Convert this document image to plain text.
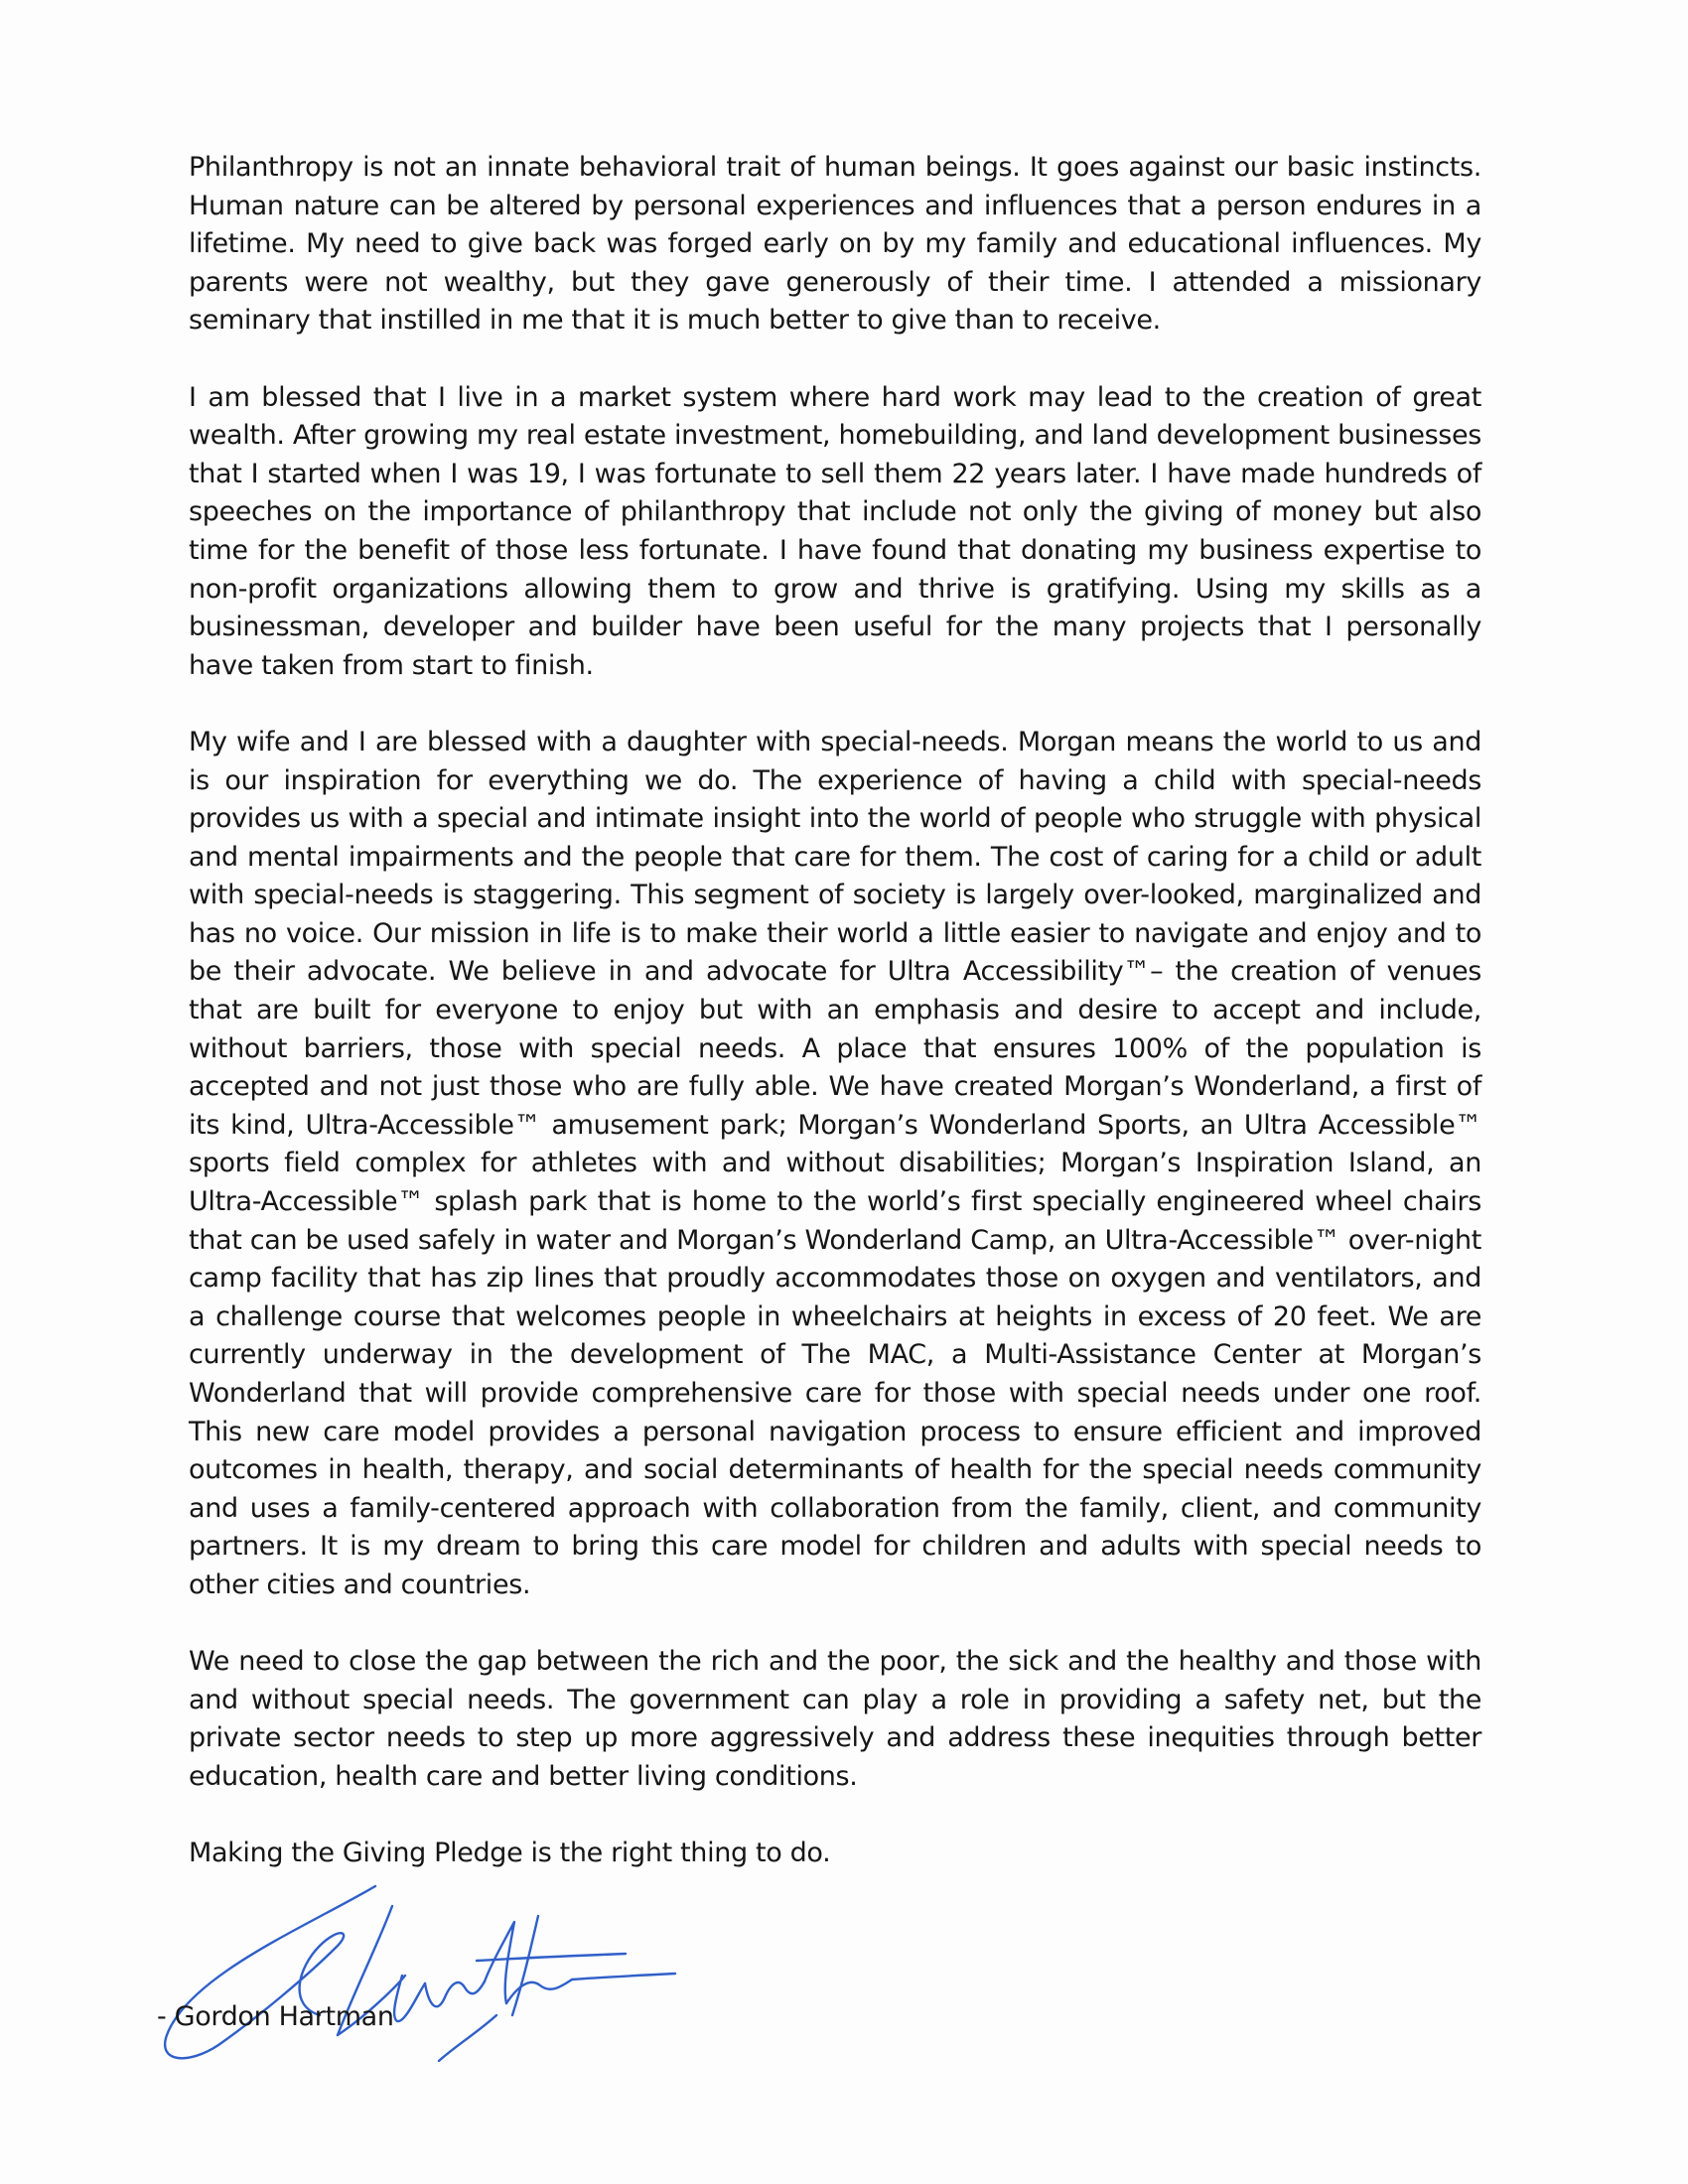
Philanthropy is not an innate behavioral trait of human beings. It goes against our basic instincts. Human nature can be altered by personal experiences and influences that a person endures in a lifetime. My need to give back was forged early on by my family and educational influences. My parents were not wealthy, but they gave generously of their time. I attended a missionary seminary that instilled in me that it is much better to give than to receive.

I am blessed that I live in a market system where hard work may lead to the creation of great wealth. After growing my real estate investment, homebuilding, and land development businesses that I started when I was 19, I was fortunate to sell them 22 years later. I have made hundreds of speeches on the importance of philanthropy that include not only the giving of money but also time for the benefit of those less fortunate. I have found that donating my business expertise to non-profit organizations allowing them to grow and thrive is gratifying. Using my skills as a businessman, developer and builder have been useful for the many projects that I personally have taken from start to finish.

My wife and I are blessed with a daughter with special-needs. Morgan means the world to us and is our inspiration for everything we do. The experience of having a child with special-needs provides us with a special and intimate insight into the world of people who struggle with physical and mental impairments and the people that care for them. The cost of caring for a child or adult with special-needs is staggering. This segment of society is largely over-looked, marginalized and has no voice. Our mission in life is to make their world a little easier to navigate and enjoy and to be their advocate. We believe in and advocate for Ultra Accessibility™– the creation of venues that are built for everyone to enjoy but with an emphasis and desire to accept and include, without barriers, those with special needs. A place that ensures 100% of the population is accepted and not just those who are fully able. We have created Morgan’s Wonderland, a first of its kind, Ultra-Accessible™ amusement park; Morgan’s Wonderland Sports, an Ultra Accessible™ sports field complex for athletes with and without disabilities; Morgan’s Inspiration Island, an Ultra-Accessible™ splash park that is home to the world’s first specially engineered wheel chairs that can be used safely in water and Morgan’s Wonderland Camp, an Ultra-Accessible™ over-night camp facility that has zip lines that proudly accommodates those on oxygen and ventilators, and a challenge course that welcomes people in wheelchairs at heights in excess of 20 feet. We are currently underway in the development of The MAC, a Multi-Assistance Center at Morgan’s Wonderland that will provide comprehensive care for those with special needs under one roof. This new care model provides a personal navigation process to ensure efficient and improved outcomes in health, therapy, and social determinants of health for the special needs community and uses a family-centered approach with collaboration from the family, client, and community partners. It is my dream to bring this care model for children and adults with special needs to other cities and countries.

We need to close the gap between the rich and the poor, the sick and the healthy and those with and without special needs. The government can play a role in providing a safety net, but the private sector needs to step up more aggressively and address these inequities through better education, health care and better living conditions.

Making the Giving Pledge is the right thing to do.

- Gordon Hartman
